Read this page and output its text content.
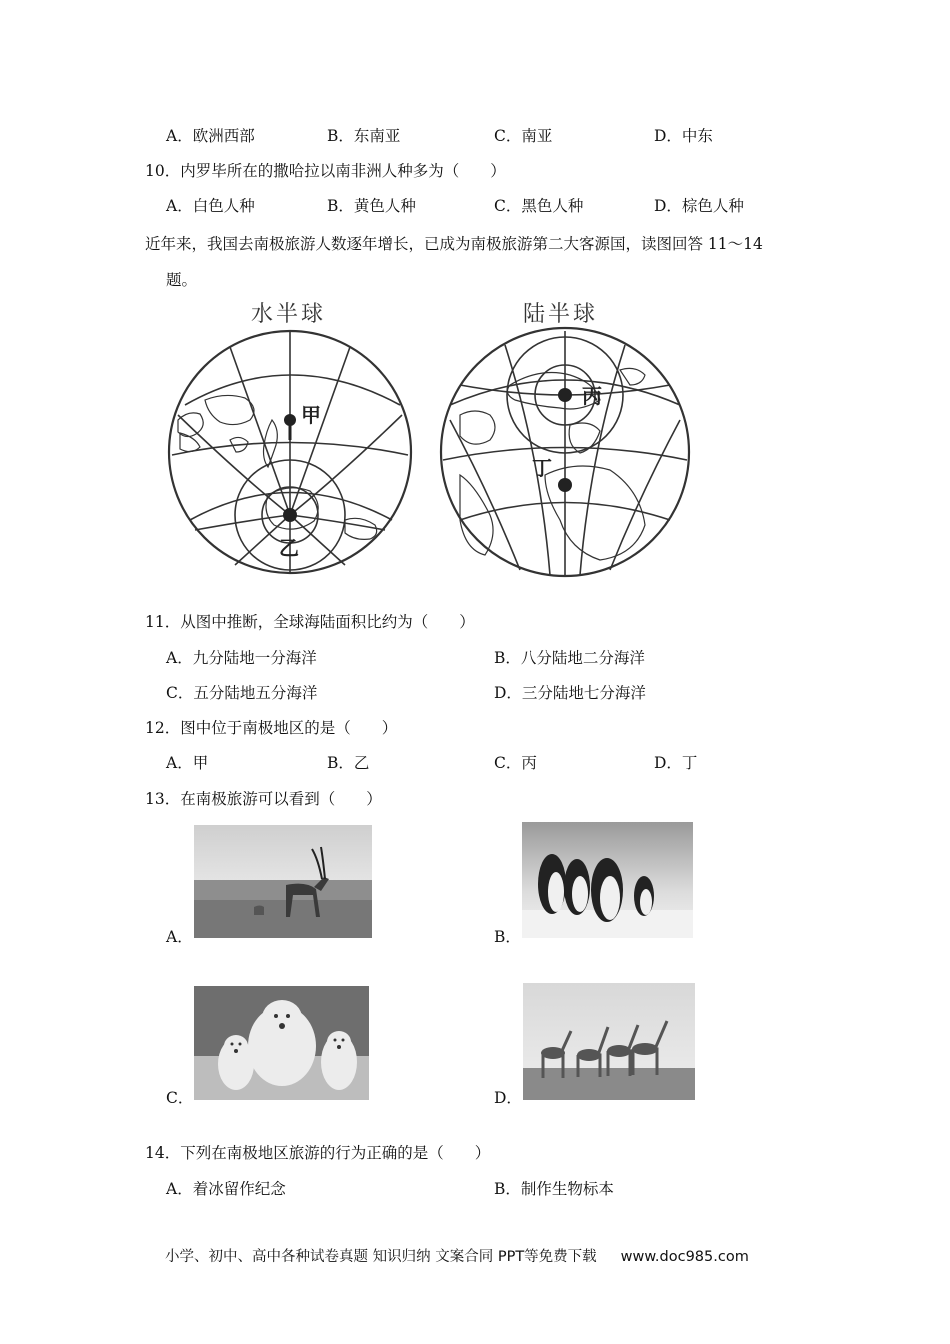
A．欧洲西部	B．东南亚	C．南亚	D．中东
10．内罗毕所在的撒哈拉以南非洲人种多为（　　）
A．白色人种	B．黄色人种	C．黑色人种	D．棕色人种
近年来，我国去南极旅游人数逐年增长，已成为南极旅游第二大客源国，读图回答 11～14
题。
水半球	陆半球
甲
乙
丙
丁
11．从图中推断，全球海陆面积比约为（　　）
A．九分陆地一分海洋	B．八分陆地二分海洋
C．五分陆地五分海洋	D．三分陆地七分海洋
12．图中位于南极地区的是（　　）
A．甲	B．乙	C．丙	D．丁
13．在南极旅游可以看到（　　）
A．	B．
C．	D．
14．下列在南极地区旅游的行为正确的是（　　）
A．着冰留作纪念	B．制作生物标本
小学、初中、高中各种试卷真题 知识归纳 文案合同 PPT等免费下载 www.doc985.com
